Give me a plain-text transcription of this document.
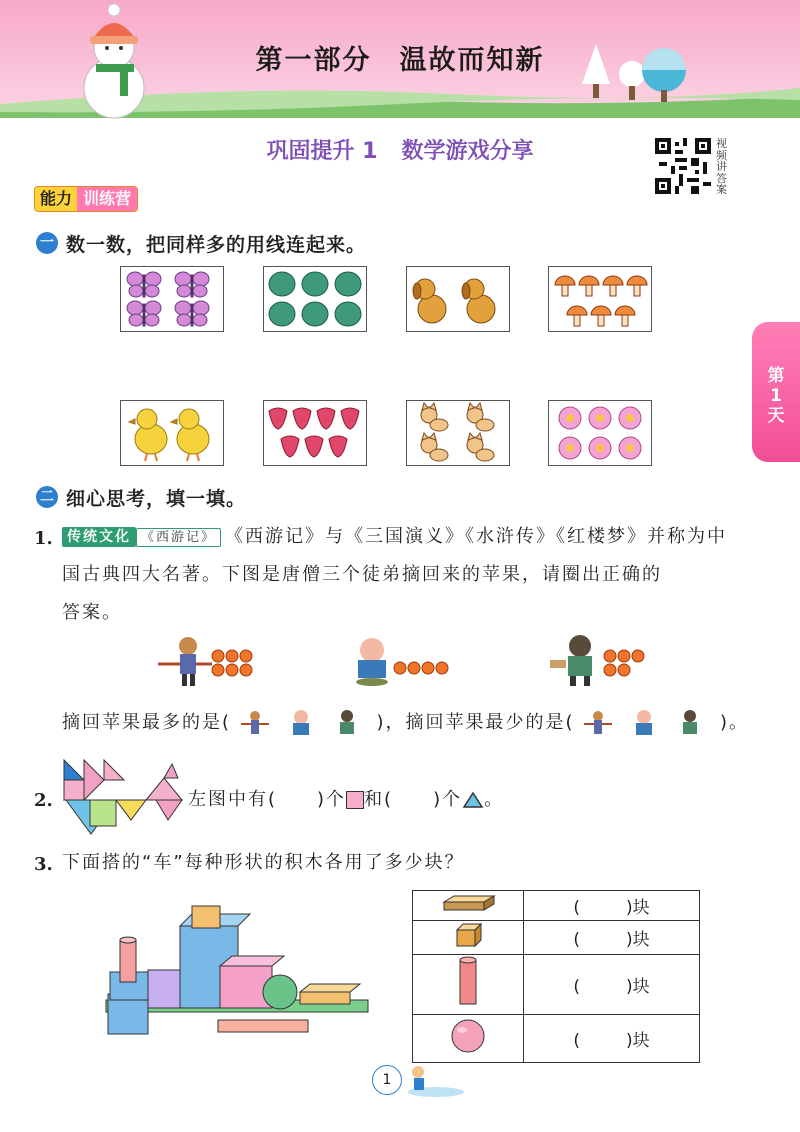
第一部分 温故而知新
巩固提升 1 数学游戏分享	视
频
讲
答
案
能力 训练营
一 数一数，把同样多的用线连起来。
第
1
天
二 细心思考，填一填。
1.	传统文化 《西游记》 《西游记》与《三国演义》《水浒传》《红楼梦》并称为中
国古典四大名著。下图是唐僧三个徒弟摘回来的苹果，请圈出正确的
答案。
摘回苹果最多的是(	)，摘回苹果最少的是(	)。
2.	左图中有( )个 和( )个 。
3. 下面搭的“车”每种形状的积木各用了多少块？
	( )块
	( )块
	( )块
	( )块
1
